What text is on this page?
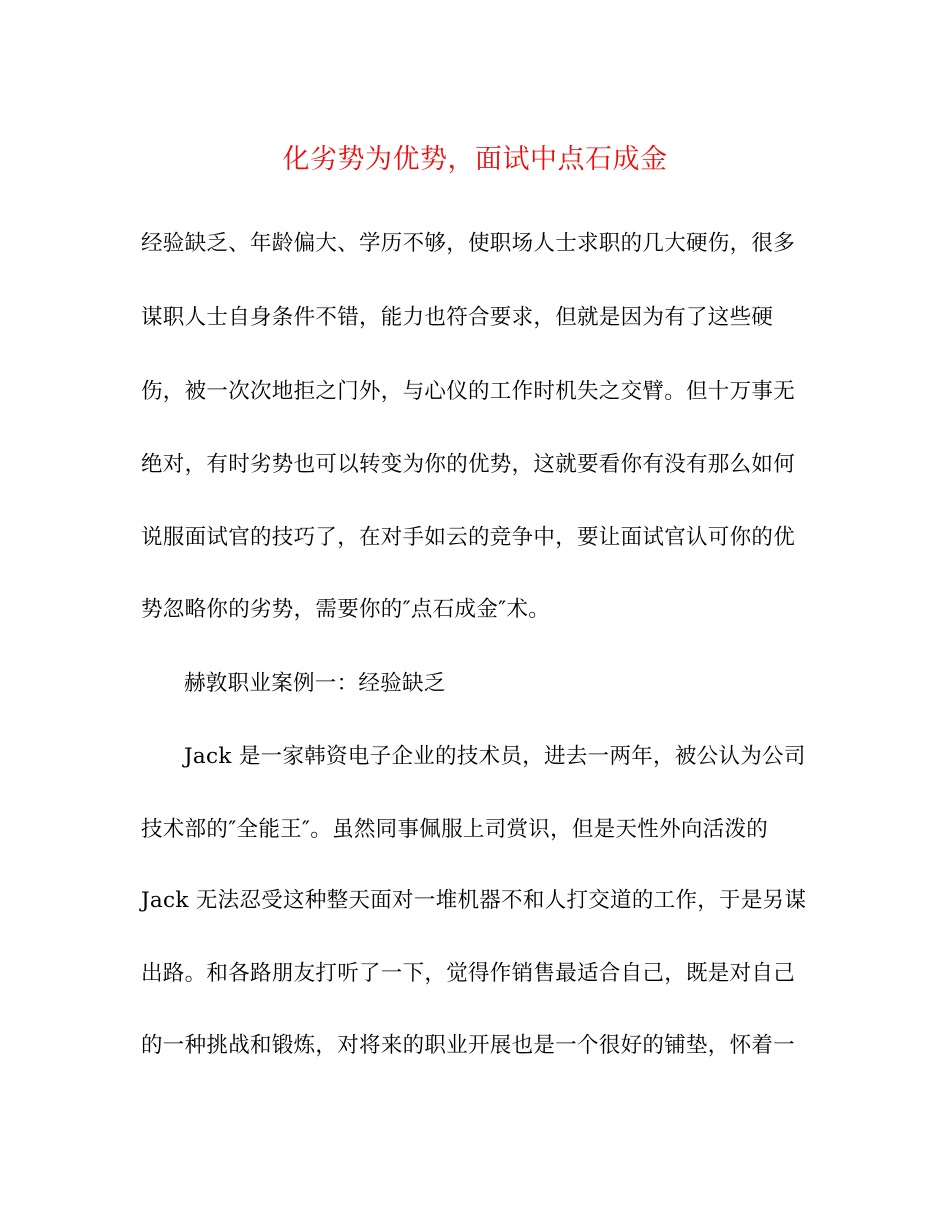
化劣势为优势，面试中点石成金
经验缺乏、年龄偏大、学历不够，使职场人士求职的几大硬伤，很多
谋职人士自身条件不错，能力也符合要求，但就是因为有了这些硬
伤，被一次次地拒之门外，与心仪的工作时机失之交臂。但十万事无
绝对，有时劣势也可以转变为你的优势，这就要看你有没有那么如何
说服面试官的技巧了，在对手如云的竞争中，要让面试官认可你的优
势忽略你的劣势，需要你的″点石成金″术。
赫敦职业案例一：经验缺乏
Jack 是一家韩资电子企业的技术员，进去一两年，被公认为公司
技术部的″全能王″。虽然同事佩服上司赏识，但是天性外向活泼的
Jack 无法忍受这种整天面对一堆机器不和人打交道的工作，于是另谋
出路。和各路朋友打听了一下，觉得作销售最适合自己，既是对自己
的一种挑战和锻炼，对将来的职业开展也是一个很好的铺垫，怀着一
